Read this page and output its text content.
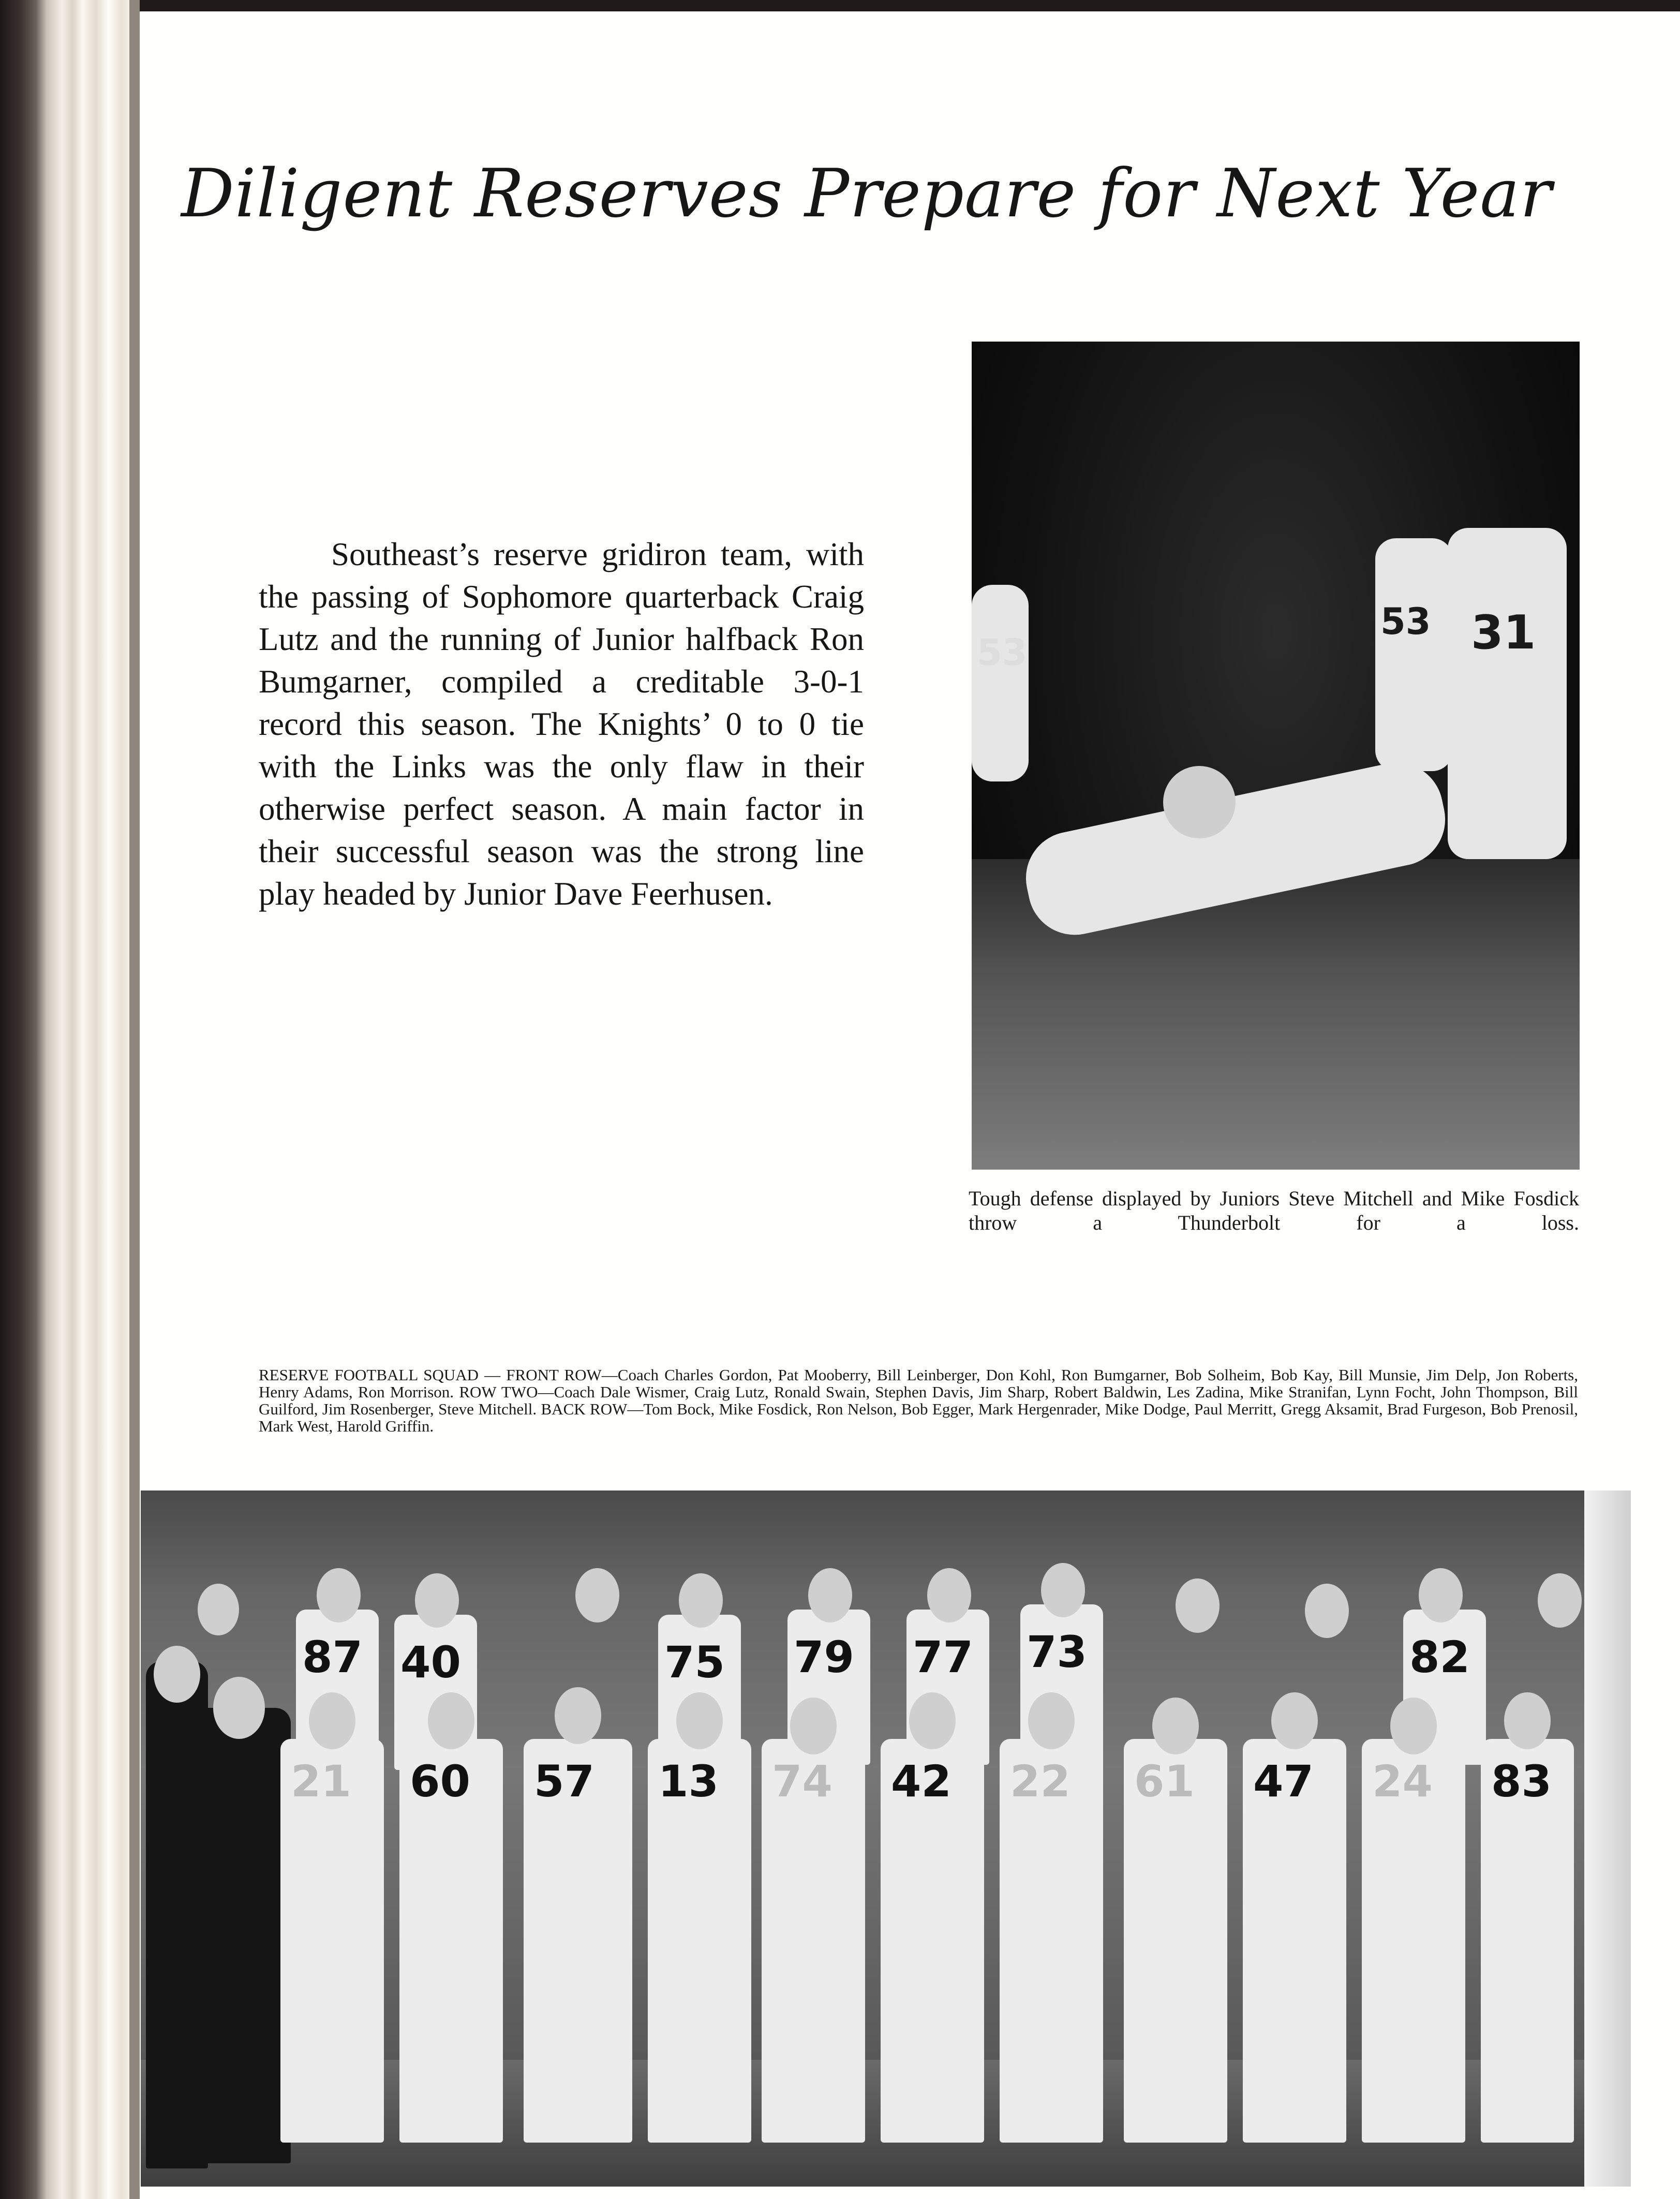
Diligent Reserves Prepare for Next Year

Southeast’s reserve gridiron team, with the passing of Sophomore quarterback Craig Lutz and the running of Junior halfback Ron Bumgarner, compiled a creditable 3-0-1 record this season. The Knights’ 0 to 0 tie with the Links was the only flaw in their otherwise perfect season. A main factor in their successful season was the strong line play headed by Junior Dave Feerhusen.

53 31
53

Tough defense displayed by Juniors Steve Mitchell and Mike Fosdick throw a Thunderbolt for a loss.

RESERVE FOOTBALL SQUAD — FRONT ROW—Coach Charles Gordon, Pat Mooberry, Bill Leinberger, Don Kohl, Ron Bumgarner, Bob Solheim, Bob Kay, Bill Munsie, Jim Delp, Jon Roberts, Henry Adams, Ron Morrison. ROW TWO—Coach Dale Wismer, Craig Lutz, Ronald Swain, Stephen Davis, Jim Sharp, Robert Baldwin, Les Zadina, Mike Stranifan, Lynn Focht, John Thompson, Bill Guilford, Jim Rosenberger, Steve Mitchell. BACK ROW—Tom Bock, Mike Fosdick, Ron Nelson, Bob Egger, Mark Hergenrader, Mike Dodge, Paul Merritt, Gregg Aksamit, Brad Furgeson, Bob Prenosil, Mark West, Harold Griffin.

87 40	75 79 77 73	82
21 60 57 13 74 42 22 61 47 24 83
